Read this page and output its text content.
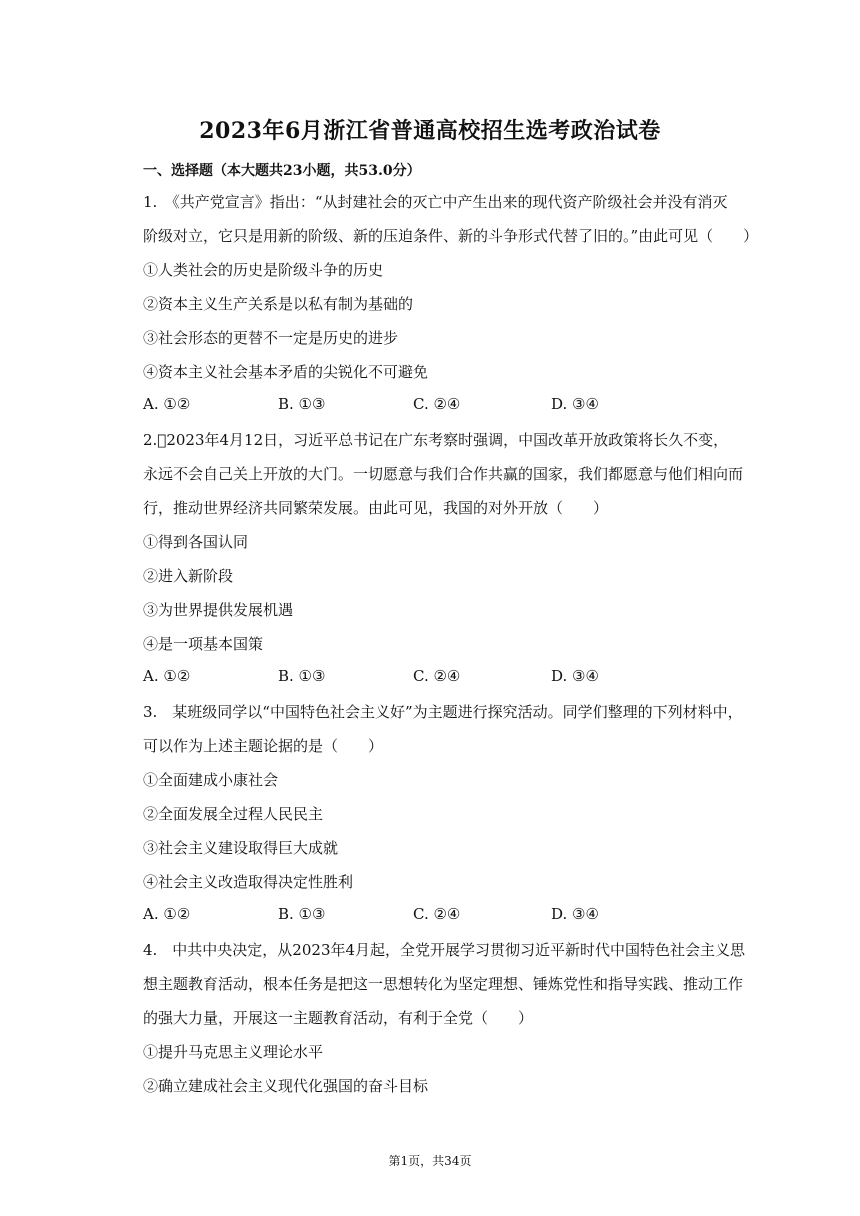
2023年6月浙江省普通高校招生选考政治试卷
一、选择题（本大题共23小题，共53.0分）
1.　《共产党宣言》指出：“从封建社会的灭亡中产生出来的现代资产阶级社会并没有消灭
阶级对立，它只是用新的阶级、新的压迫条件、新的斗争形式代替了旧的。”由此可见（　　）
①人类社会的历史是阶级斗争的历史
②资本主义生产关系是以私有制为基础的
③社会形态的更替不一定是历史的进步
④资本主义社会基本矛盾的尖锐化不可避免
A. ①②	B. ①③	C. ②④	D. ③④
2. 2023年4月12日，习近平总书记在广东考察时强调，中国改革开放政策将长久不变，
永远不会自己关上开放的大门。一切愿意与我们合作共赢的国家，我们都愿意与他们相向而
行，推动世界经济共同繁荣发展。由此可见，我国的对外开放（　　）
①得到各国认同
②进入新阶段
③为世界提供发展机遇
④是一项基本国策
A. ①②	B. ①③	C. ②④	D. ③④
3.　某班级同学以“中国特色社会主义好”为主题进行探究活动。同学们整理的下列材料中，
可以作为上述主题论据的是（　　）
①全面建成小康社会
②全面发展全过程人民民主
③社会主义建设取得巨大成就
④社会主义改造取得决定性胜利
A. ①②	B. ①③	C. ②④	D. ③④
4.　中共中央决定，从2023年4月起，全党开展学习贯彻习近平新时代中国特色社会主义思
想主题教育活动，根本任务是把这一思想转化为坚定理想、锤炼党性和指导实践、推动工作
的强大力量，开展这一主题教育活动，有利于全党（　　）
①提升马克思主义理论水平
②确立建成社会主义现代化强国的奋斗目标
第1页，共34页
